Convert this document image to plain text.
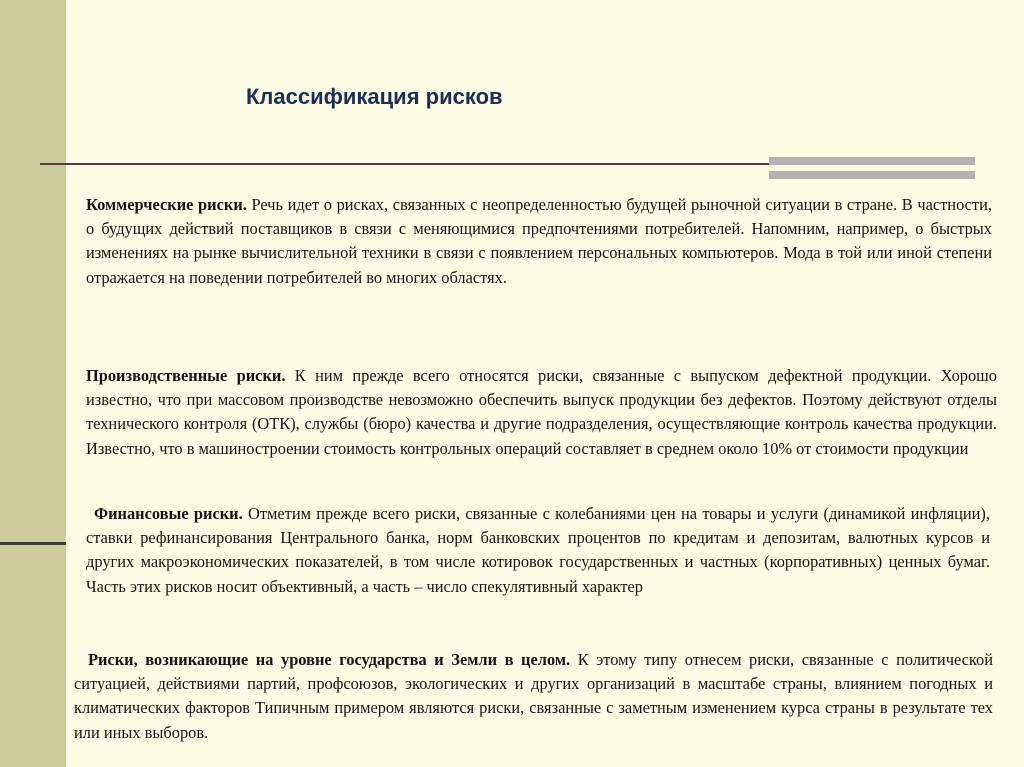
Классификация рисков
Коммерческие риски. Речь идет о рисках, связанных с неопределенностью будущей рыночной ситуации в стране. В частности, о будущих действий поставщиков в связи с меняющимися предпочтениями потребителей. Напомним, например, о быстрых изменениях на рынке вычислительной техники в связи с появлением персональных компьютеров. Мода в той или иной степени отражается на поведении потребителей во многих областях.
Производственные риски. К ним прежде всего относятся риски, связанные с выпуском дефектной продукции. Хорошо известно, что при массовом производстве невозможно обеспечить выпуск продукции без дефектов. Поэтому действуют отделы технического контроля (ОТК), службы (бюро) качества и другие подразделения, осуществляющие контроль качества продукции. Известно, что в машиностроении стоимость контрольных операций составляет в среднем около 10% от стоимости продукции
Финансовые риски. Отметим прежде всего риски, связанные с колебаниями цен на товары и услуги (динамикой инфляции), ставки рефинансирования Центрального банка, норм банковских процентов по кредитам и депозитам, валютных курсов и других макроэкономических показателей, в том числе котировок государственных и частных (корпоративных) ценных бумаг. Часть этих рисков носит объективный, а часть – число спекулятивный характер
Риски, возникающие на уровне государства и Земли в целом. К этому типу отнесем риски, связанные с политической ситуацией, действиями партий, профсоюзов, экологических и других организаций в масштабе страны, влиянием погодных и климатических факторов Типичным примером являются риски, связанные с заметным изменением курса страны в результате тех или иных выборов.
